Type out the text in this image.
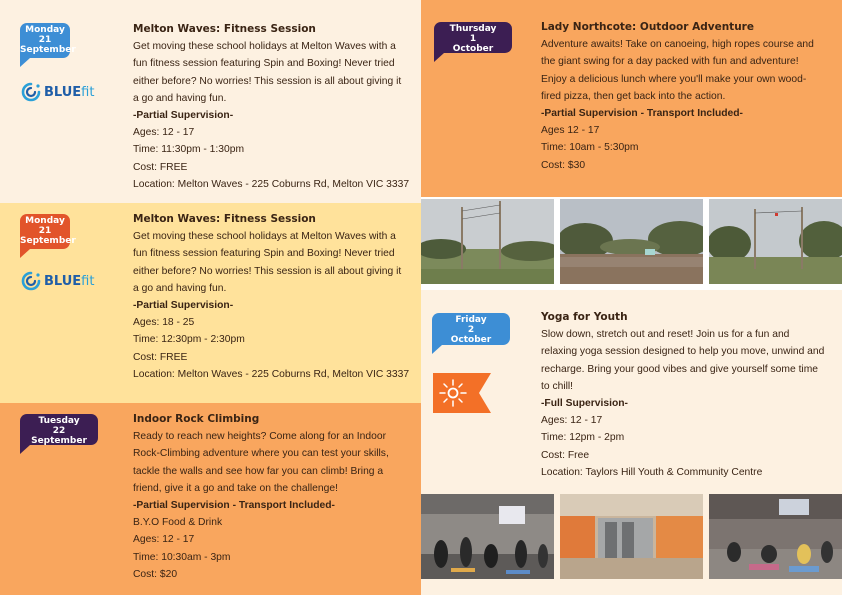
Monday
21
September
BLUEfit
Melton Waves: Fitness Session
Get moving these school holidays at Melton Waves with a
fun fitness session featuring Spin and Boxing! Never tried
either before? No worries! This session is all about giving it
a go and having fun.
-Partial Supervision-
Ages: 12 - 17
Time: 11:30pm - 1:30pm
Cost: FREE
Location: Melton Waves - 225 Coburns Rd, Melton VIC 3337
Monday
21
September
BLUEfit
Melton Waves: Fitness Session
Get moving these school holidays at Melton Waves with a
fun fitness session featuring Spin and Boxing! Never tried
either before? No worries! This session is all about giving it
a go and having fun.
-Partial Supervision-
Ages: 18 - 25
Time: 12:30pm - 2:30pm
Cost: FREE
Location: Melton Waves - 225 Coburns Rd, Melton VIC 3337
Tuesday
22
September
Indoor Rock Climbing
Ready to reach new heights? Come along for an Indoor
Rock-Climbing adventure where you can test your skills,
tackle the walls and see how far you can climb! Bring a
friend, give it a go and take on the challenge!
-Partial Supervision - Transport Included-
B.Y.O Food & Drink
Ages: 12 - 17
Time: 10:30am - 3pm
Cost: $20
Thursday
1
October
Lady Northcote: Outdoor Adventure
Adventure awaits! Take on canoeing, high ropes course and
the giant swing for a day packed with fun and adventure!
Enjoy a delicious lunch where you'll make your own wood-
fired pizza, then get back into the action.
-Partial Supervision - Transport Included-
Ages 12 - 17
Time: 10am - 5:30pm
Cost: $30
Friday
2
October
Yoga for Youth
Slow down, stretch out and reset! Join us for a fun and
relaxing yoga session designed to help you move, unwind and
recharge. Bring your good vibes and give yourself some time
to chill!
-Full Supervision-
Ages: 12 - 17
Time: 12pm - 2pm
Cost: Free
Location: Taylors Hill Youth & Community Centre
